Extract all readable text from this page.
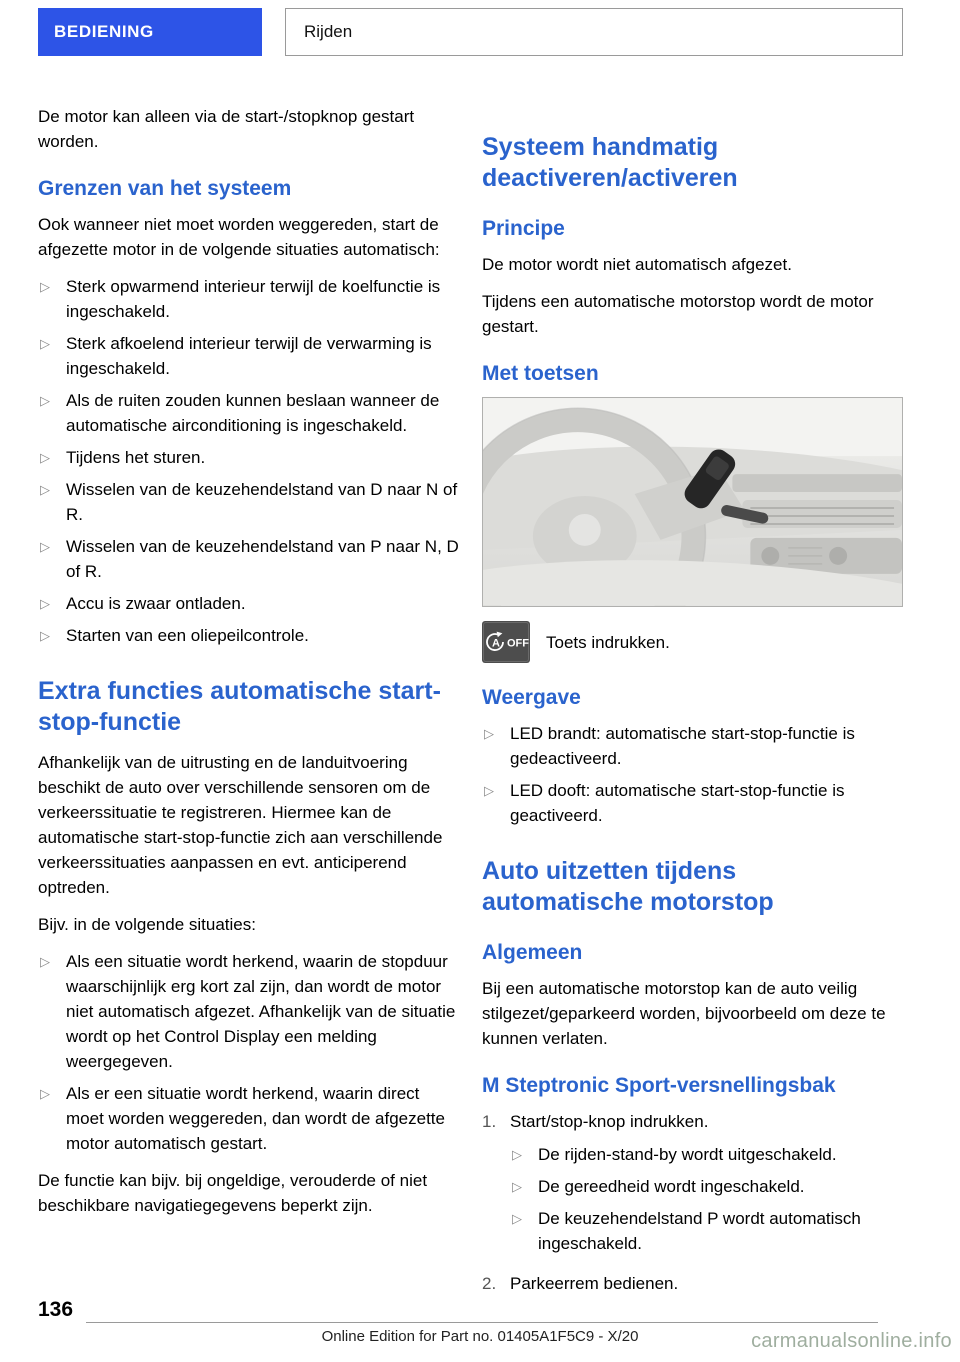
BEDIENING	Rijden

De motor kan alleen via de start-/stopknop gestart worden.

Grenzen van het systeem

Ook wanneer niet moet worden weggereden, start de afgezette motor in de volgende situaties automatisch:

▷ Sterk opwarmend interieur terwijl de koelfunctie is ingeschakeld.
▷ Sterk afkoelend interieur terwijl de verwarming is ingeschakeld.
▷ Als de ruiten zouden kunnen beslaan wanneer de automatische airconditioning is ingeschakeld.
▷ Tijdens het sturen.
▷ Wisselen van de keuzehendelstand van D naar N of R.
▷ Wisselen van de keuzehendelstand van P naar N, D of R.
▷ Accu is zwaar ontladen.
▷ Starten van een oliepeilcontrole.
Extra functies automatische start-stop-functie

Afhankelijk van de uitrusting en de landuitvoering beschikt de auto over verschillende sensoren om de verkeerssituatie te registreren. Hiermee kan de automatische start-stop-functie zich aan verschillende verkeerssituaties aanpassen en evt. anticiperend optreden.

Bijv. in de volgende situaties:

▷ Als een situatie wordt herkend, waarin de stopduur waarschijnlijk erg kort zal zijn, dan wordt de motor niet automatisch afgezet. Afhankelijk van de situatie wordt op het Control Display een melding weergegeven.
▷ Als er een situatie wordt herkend, waarin direct moet worden weggereden, dan wordt de afgezette motor automatisch gestart.

De functie kan bijv. bij ongeldige, verouderde of niet beschikbare navigatiegegevens beperkt zijn.

Systeem handmatig deactiveren/activeren
Principe

De motor wordt niet automatisch afgezet.

Tijdens een automatische motorstop wordt de motor gestart.

Met toetsen
A OFF Toets indrukken.
Weergave
▷ LED brandt: automatische start-stop-functie is gedeactiveerd.
▷ LED dooft: automatische start-stop-functie is geactiveerd.
Auto uitzetten tijdens automatische motorstop
Algemeen

Bij een automatische motorstop kan de auto veilig stilgezet/geparkeerd worden, bijvoorbeeld om deze te kunnen verlaten.

M Steptronic Sport-versnellingsbak
1. Start/stop-knop indrukken.
▷ De rijden-stand-by wordt uitgeschakeld.
▷ De gereedheid wordt ingeschakeld.
▷ De keuzehendelstand P wordt automatisch ingeschakeld.
2. Parkeerrem bedienen.
136
Online Edition for Part no. 01405A1F5C9 - X/20	carmanualsonline.info
